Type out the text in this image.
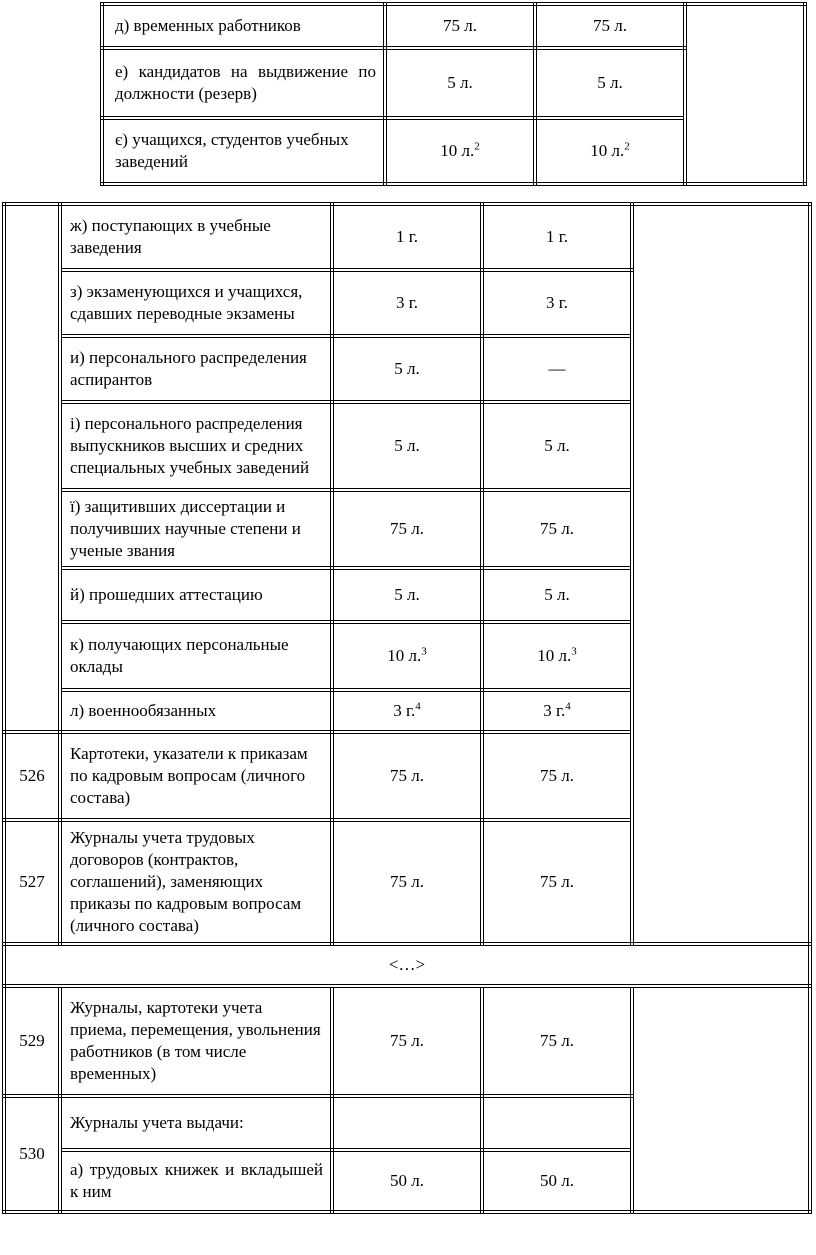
д) временных работников	75 л.	75 л.	
е) кандидатов на выдвижение по должности (резерв)	5 л.	5 л.	
є) учащихся, студентов учебных заведений	10 л.$^2$	10 л.$^2$
	ж) поступающих в учебные заведения	1 г.	1 г.	
	з) экзаменующихся и учащихся, сдавших переводные экзамены	3 г.	3 г.	
	и) персонального распределения аспирантов	5 л.	—	
	і) персонального распределения выпускников высших и средних специальных учебных заведений	5 л.	5 л.	
	ї) защитивших диссертации и получивших научные степени и ученые звания	75 л.	75 л.	
	й) прошедших аттестацию	5 л.	5 л.	
	к) получающих персональные оклады	10 л.$^3$	10 л.$^3$
	л) военнообязанных	3 г.$^4$	3 г.$^4$
526	Картотеки, указатели к приказам по кадровым вопросам (личного состава)	75 л.	75 л.	
527	Журналы учета трудовых договоров (контрактов, соглашений), заменяющих приказы по кадровым вопросам (личного состава)	75 л.	75 л.	
<…>				
529	Журналы, картотеки учета приема, перемещения, увольнения работников (в том числе временных)	75 л.	75 л.	
530	Журналы учета выдачи:			
	а) трудовых книжек и вкладышей к ним	50 л.	50 л.	
